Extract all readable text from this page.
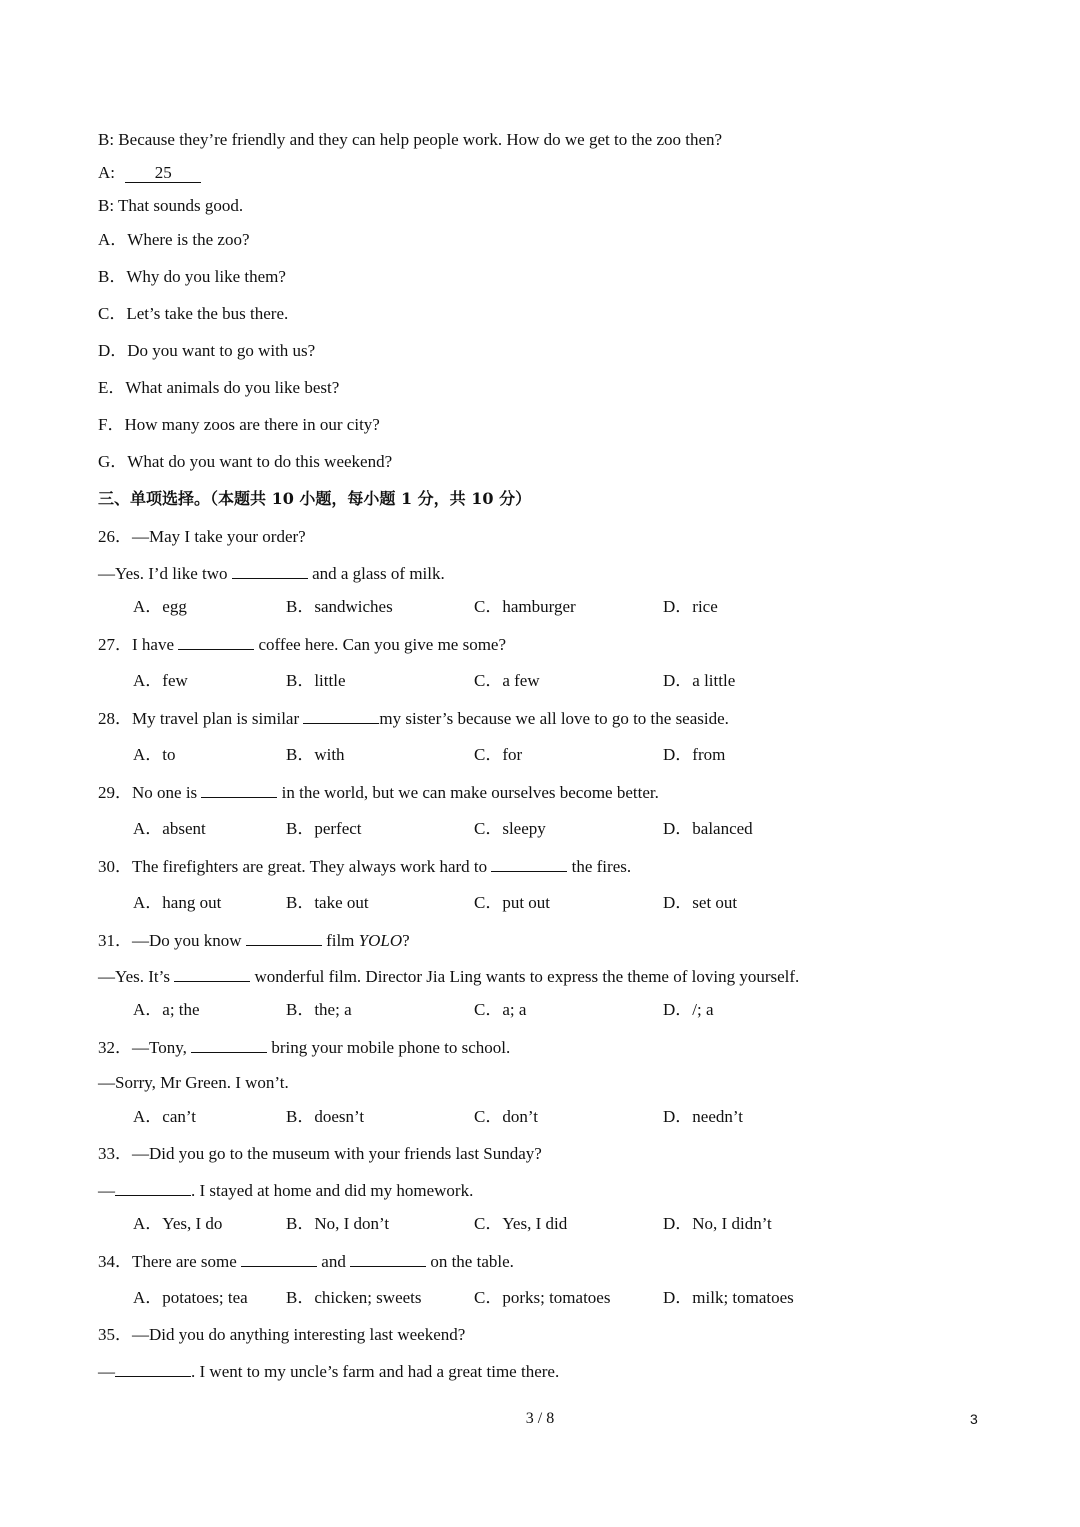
B: Because they’re friendly and they can help people work. How do we get to the zoo then?
A: 25
B: That sounds good.
A．Where is the zoo?
B．Why do you like them?
C．Let’s take the bus there.
D．Do you want to go with us?
E．What animals do you like best?
F．How many zoos are there in our city?
G．What do you want to do this weekend?
三、单项选择。（本题共 10 小题，每小题 1 分，共 10 分）
26．—May I take your order?
—Yes. I’d like two	and a glass of milk.
A．egg	B．sandwiches	C．hamburger	D．rice
27．I have	coffee here. Can you give me some?
A．few	B．little	C．a few	D．a little
28．My travel plan is similar	my sister’s because we all love to go to the seaside.
A．to	B．with	C．for	D．from
29．No one is	in the world, but we can make ourselves become better.
A．absent	B．perfect	C．sleepy	D．balanced
30．The firefighters are great. They always work hard to	the fires.
A．hang out	B．take out	C．put out	D．set out
31．—Do you know	film YOLO?
—Yes. It’s	wonderful film. Director Jia Ling wants to express the theme of loving yourself.
A．a; the	B．the; a	C．a; a	D．/; a
32．—Tony,	bring your mobile phone to school.
—Sorry, Mr Green. I won’t.
A．can’t	B．doesn’t	C．don’t	D．needn’t
33．—Did you go to the museum with your friends last Sunday?
—	. I stayed at home and did my homework.
A．Yes, I do	B．No, I don’t	C．Yes, I did	D．No, I didn’t
34．There are some	and	on the table.
A．potatoes; tea B．chicken; sweets	C．porks; tomatoes	D．milk; tomatoes
35．—Did you do anything interesting last weekend?
—	. I went to my uncle’s farm and had a great time there.
3 / 8	3
